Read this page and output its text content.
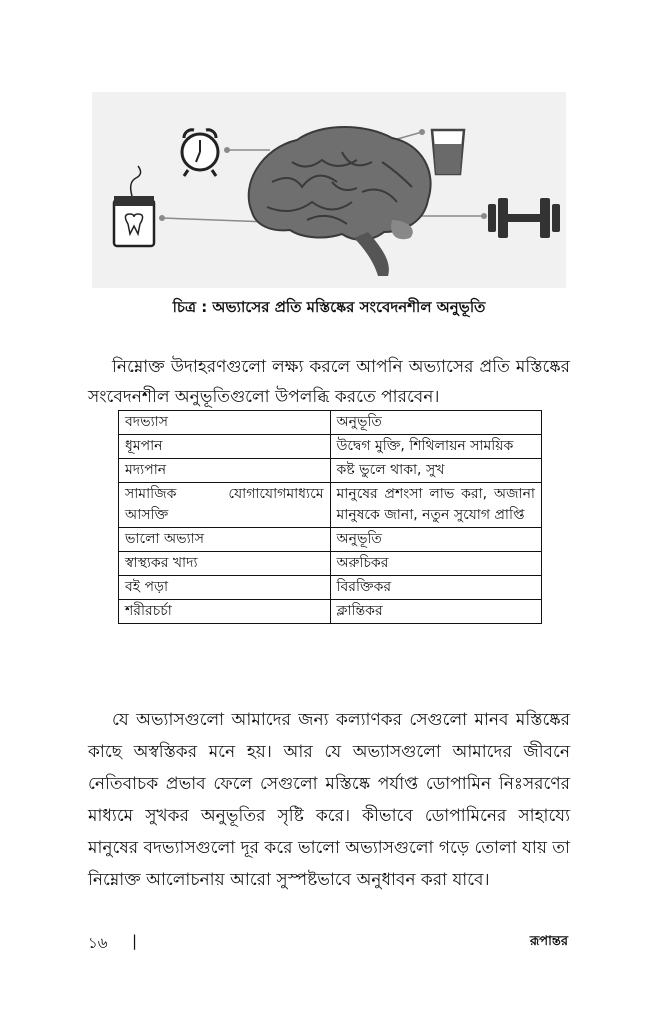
চিত্র : অভ্যাসের প্রতি মস্তিষ্কের সংবেদনশীল অনুভূতি
নিম্নোক্ত উদাহরণগুলো লক্ষ্য করলে আপনি অভ্যাসের প্রতি মস্তিষ্কের সংবেদনশীল অনুভূতিগুলো উপলব্ধি করতে পারবেন।
বদভ্যাস	অনুভূতি
ধূমপান	উদ্বেগ মুক্তি, শিথিলায়ন সাময়িক
মদ্যপান	কষ্ট ভুলে থাকা, সুখ
সামাজিক যোগাযোগমাধ্যমে আসক্তি	মানুষের প্রশংসা লাভ করা, অজানা মানুষকে জানা, নতুন সুযোগ প্রাপ্তি
ভালো অভ্যাস	অনুভূতি
স্বাস্থ্যকর খাদ্য	অরুচিকর
বই পড়া	বিরক্তিকর
শরীরচর্চা	ক্লান্তিকর
যে অভ্যাসগুলো আমাদের জন্য কল্যাণকর সেগুলো মানব মস্তিষ্কের কাছে অস্বস্তিকর মনে হয়। আর যে অভ্যাসগুলো আমাদের জীবনে নেতিবাচক প্রভাব ফেলে সেগুলো মস্তিষ্কে পর্যাপ্ত ডোপামিন নিঃসরণের মাধ্যমে সুখকর অনুভূতির সৃষ্টি করে। কীভাবে ডোপামিনের সাহায্যে মানুষের বদভ্যাসগুলো দূর করে ভালো অভ্যাসগুলো গড়ে তোলা যায় তা নিম্নোক্ত আলোচনায় আরো সুস্পষ্টভাবে অনুধাবন করা যাবে।
১৬ |	রূপান্তর
